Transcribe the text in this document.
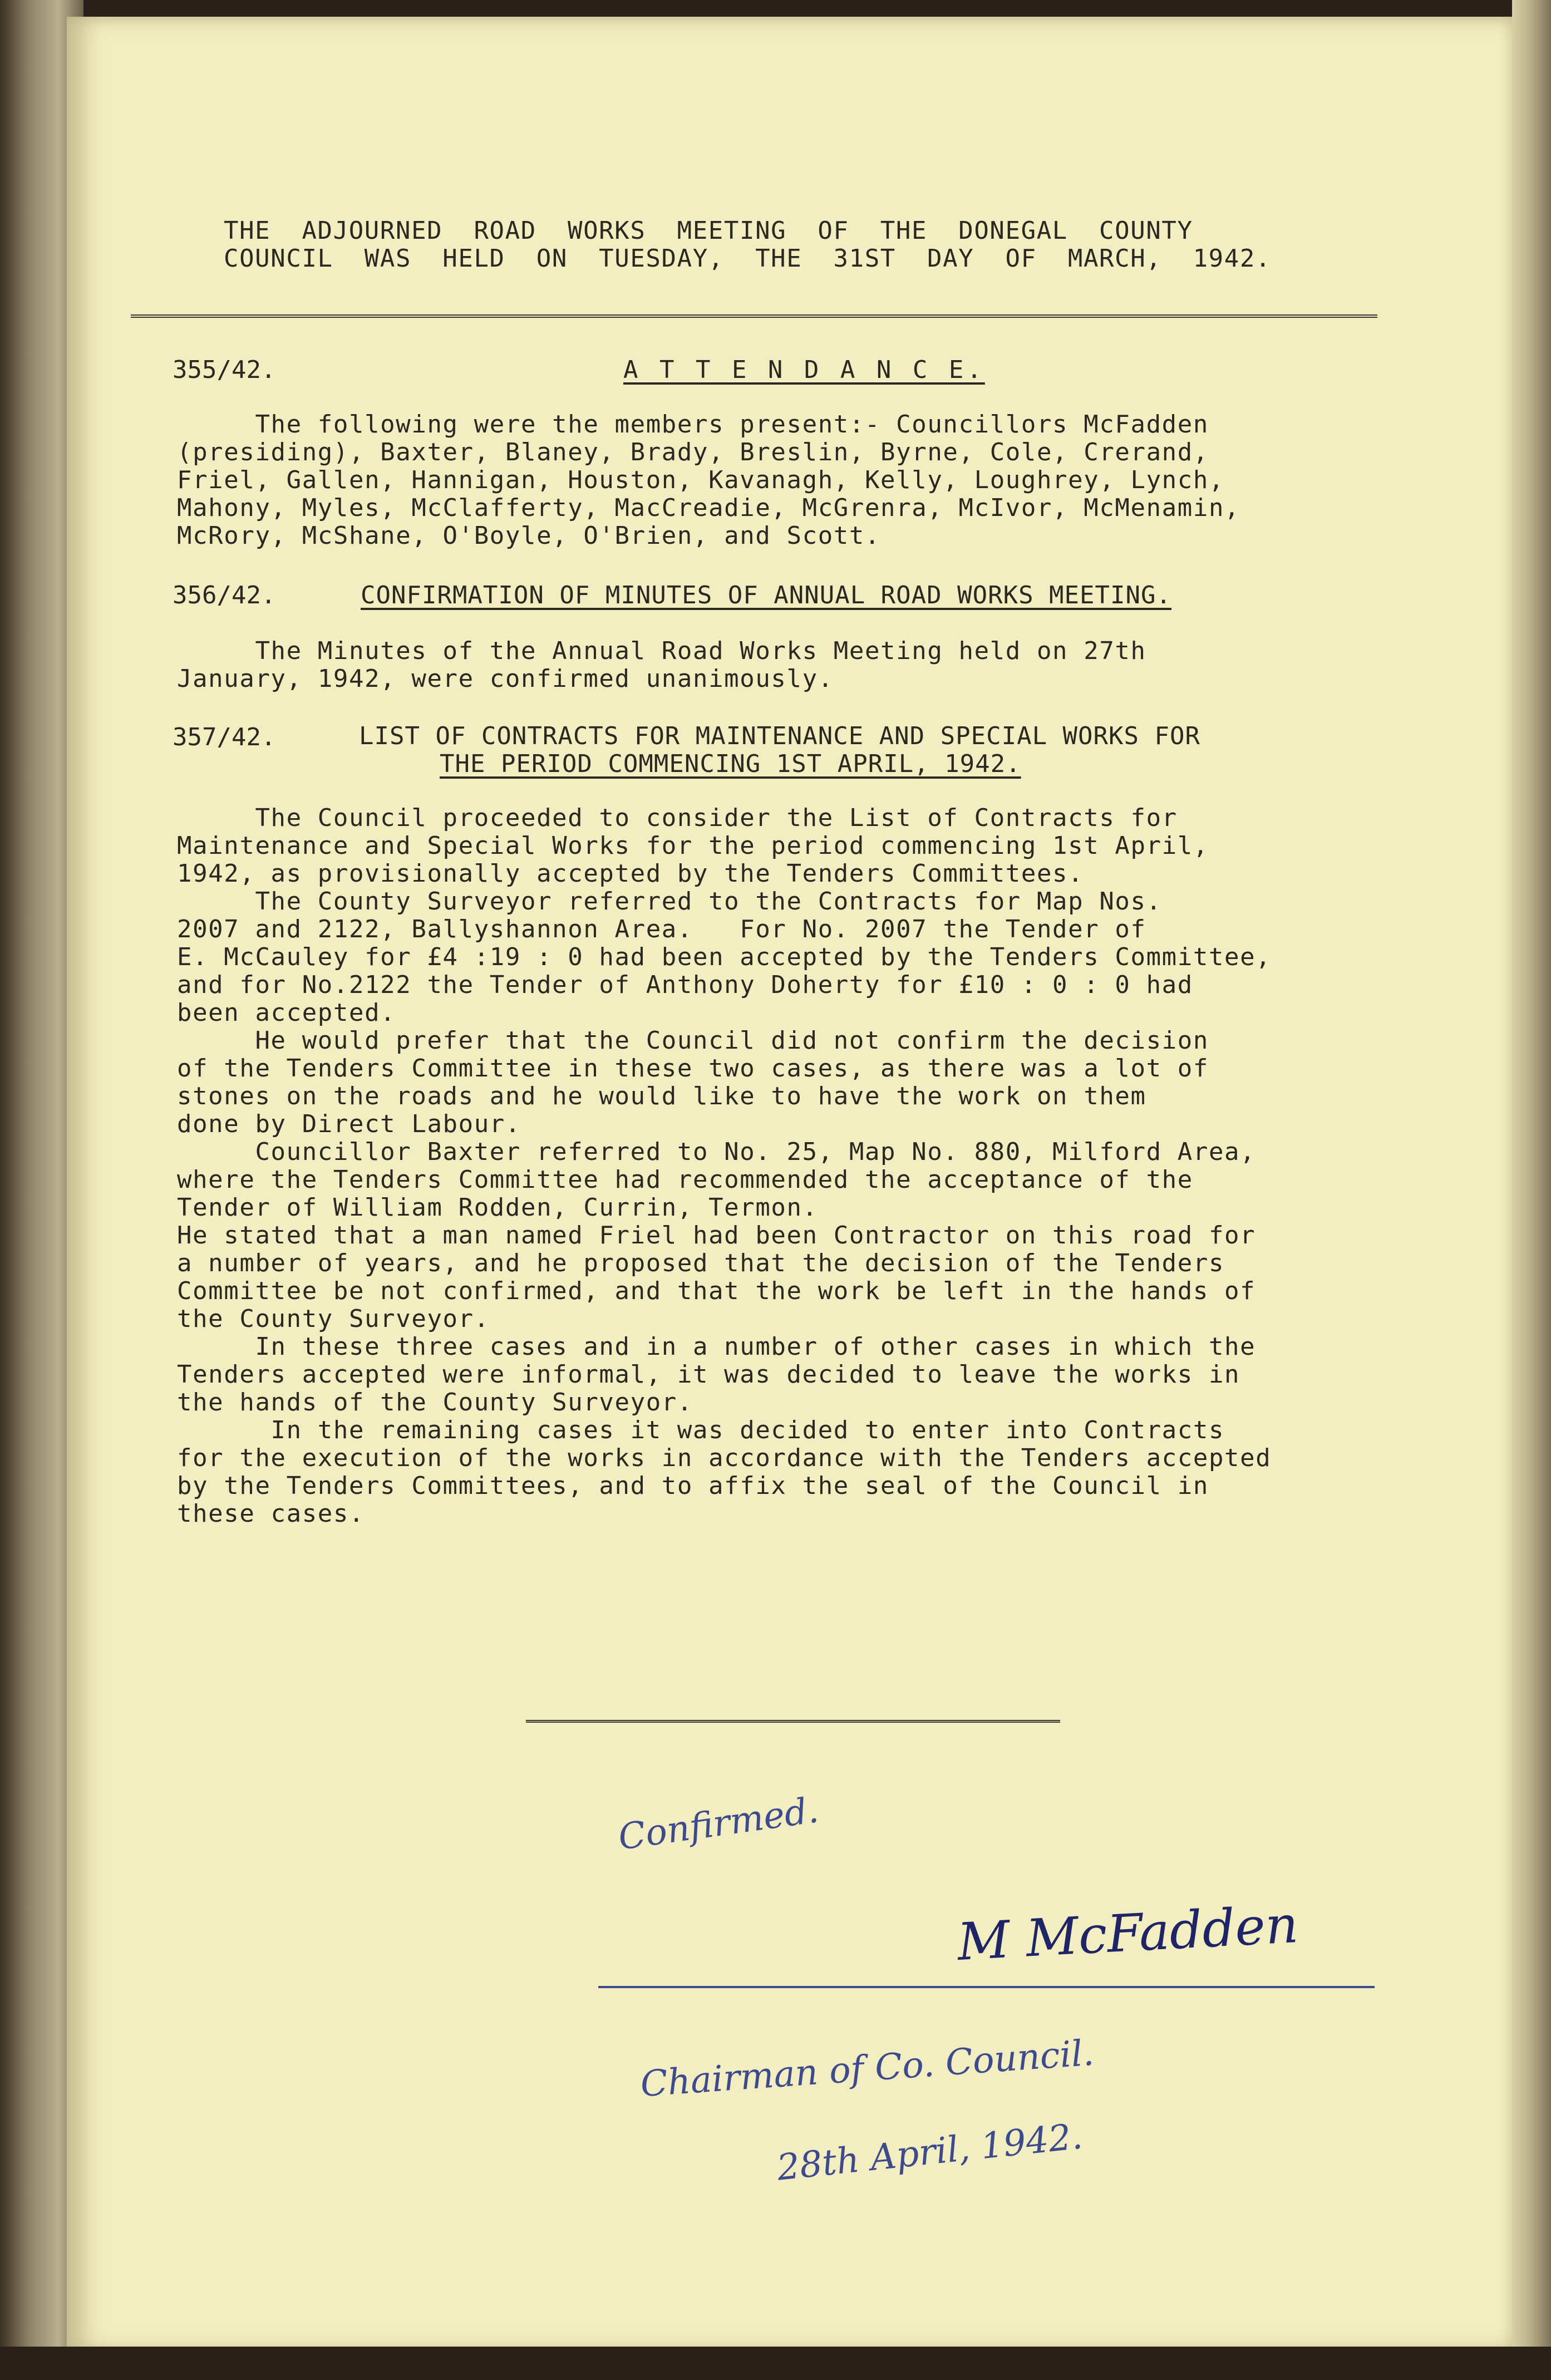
THE  ADJOURNED  ROAD  WORKS  MEETING  OF  THE  DONEGAL  COUNTY
COUNCIL  WAS  HELD  ON  TUESDAY,  THE  31ST  DAY  OF  MARCH,  1942.
355/42.	A T T E N D A N C E.
The following were the members present:- Councillors McFadden
(presiding), Baxter, Blaney, Brady, Breslin, Byrne, Cole, Crerand,
Friel, Gallen, Hannigan, Houston, Kavanagh, Kelly, Loughrey, Lynch,
Mahony, Myles, McClafferty, MacCreadie, McGrenra, McIvor, McMenamin,
McRory, McShane, O'Boyle, O'Brien, and Scott.
356/42.	CONFIRMATION OF MINUTES OF ANNUAL ROAD WORKS MEETING.
The Minutes of the Annual Road Works Meeting held on 27th
January, 1942, were confirmed unanimously.
357/42.	LIST OF CONTRACTS FOR MAINTENANCE AND SPECIAL WORKS FOR
THE PERIOD COMMENCING 1ST APRIL, 1942.
The Council proceeded to consider the List of Contracts for
Maintenance and Special Works for the period commencing 1st April,
1942, as provisionally accepted by the Tenders Committees.
The County Surveyor referred to the Contracts for Map Nos.
2007 and 2122, Ballyshannon Area.   For No. 2007 the Tender of
E. McCauley for £4 :19 : 0 had been accepted by the Tenders Committee,
and for No.2122 the Tender of Anthony Doherty for £10 : 0 : 0 had
been accepted.
He would prefer that the Council did not confirm the decision
of the Tenders Committee in these two cases, as there was a lot of
stones on the roads and he would like to have the work on them
done by Direct Labour.
Councillor Baxter referred to No. 25, Map No. 880, Milford Area,
where the Tenders Committee had recommended the acceptance of the
Tender of William Rodden, Currin, Termon.
He stated that a man named Friel had been Contractor on this road for
a number of years, and he proposed that the decision of the Tenders
Committee be not confirmed, and that the work be left in the hands of
the County Surveyor.
In these three cases and in a number of other cases in which the
Tenders accepted were informal, it was decided to leave the works in
the hands of the County Surveyor.
In the remaining cases it was decided to enter into Contracts
for the execution of the works in accordance with the Tenders accepted
by the Tenders Committees, and to affix the seal of the Council in
these cases.
Confirmed.
M McFadden
Chairman of Co. Council.
28th April, 1942.
